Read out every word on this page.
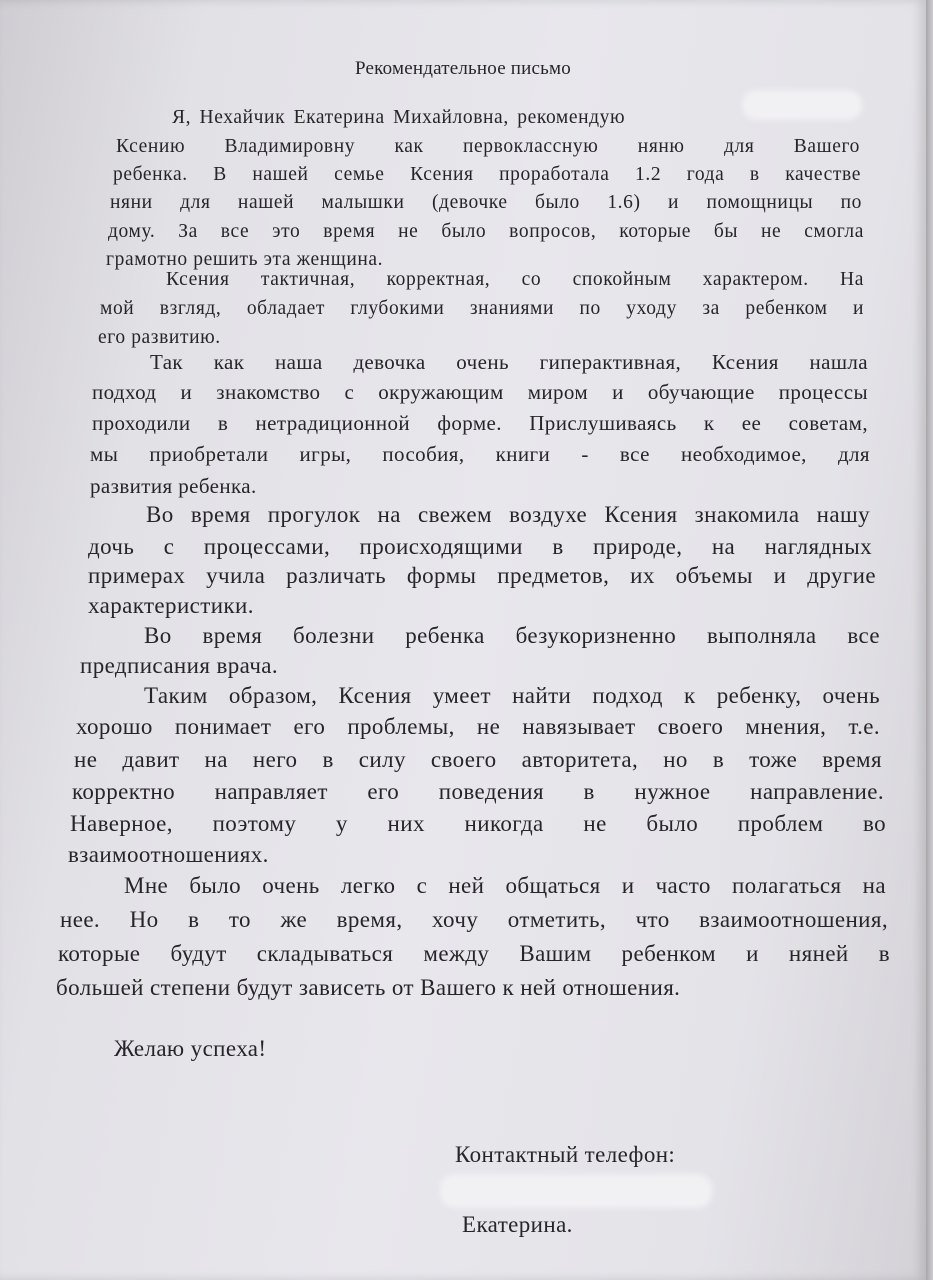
Рекомендательное письмо
Я, Нехайчик Екатерина Михайловна, рекомендую
Ксению Владимировну как первоклассную няню для Вашего
ребенка. В нашей семье Ксения проработала 1.2 года в качестве
няни для нашей малышки (девочке было 1.6) и помощницы по
дому. За все это время не было вопросов, которые бы не смогла
грамотно решить эта женщина.
Ксения тактичная, корректная, со спокойным характером. На
мой взгляд, обладает глубокими знаниями по уходу за ребенком и
его развитию.
Так как наша девочка очень гиперактивная, Ксения нашла
подход и знакомство с окружающим миром и обучающие процессы
проходили в нетрадиционной форме. Прислушиваясь к ее советам,
мы приобретали игры, пособия, книги - все необходимое, для
развития ребенка.
Во время прогулок на свежем воздухе Ксения знакомила нашу
дочь с процессами, происходящими в природе, на наглядных
примерах учила различать формы предметов, их объемы и другие
характеристики.
Во время болезни ребенка безукоризненно выполняла все
предписания врача.
Таким образом, Ксения умеет найти подход к ребенку, очень
хорошо понимает его проблемы, не навязывает своего мнения, т.е.
не давит на него в силу своего авторитета, но в тоже время
корректно направляет его поведения в нужное направление.
Наверное, поэтому у них никогда не было проблем во
взаимоотношениях.
Мне было очень легко с ней общаться и часто полагаться на
нее. Но в то же время, хочу отметить, что взаимоотношения,
которые будут складываться между Вашим ребенком и няней в
большей степени будут зависеть от Вашего к ней отношения.
Желаю успеха!
Контактный телефон:
Екатерина.
